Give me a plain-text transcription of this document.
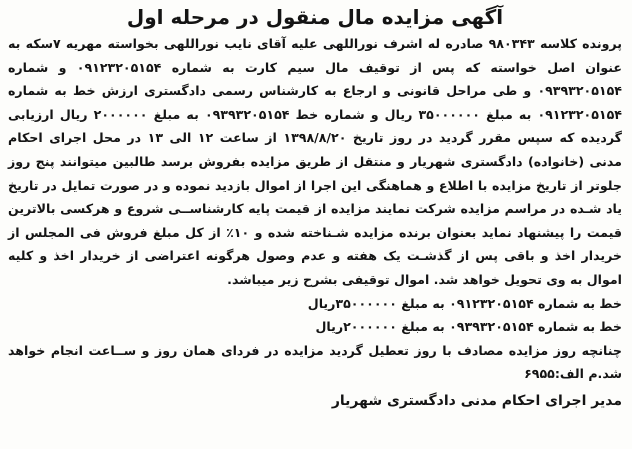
آگهی مزایده مال منقول در مرحله اول
پرونده کلاسه ۹۸۰۳۴۳ صادره له اشرف نوراللهی علیه آقای نایب نوراللهی بخواسته مهریه ۷سکه به عنوان اصل خواسته که پس از توقیف مال سیم کارت به شماره ۰۹۱۲۳۲۰۵۱۵۴ و شماره ۰۹۳۹۳۲۰۵۱۵۴ و طی مراحل قانونی و ارجاع به کارشناس رسمی دادگستری ارزش خط به شماره ۰۹۱۲۳۲۰۵۱۵۴ به مبلغ ۳۵۰۰۰۰۰۰ ریال و شماره خط ۰۹۳۹۳۲۰۵۱۵۴ به مبلغ ۲۰۰۰۰۰۰ ریال ارزیابی گردیده که سپس مقرر گردید در روز تاریخ ۱۳۹۸/۸/۲۰ از ساعت ۱۲ الی ۱۳ در محل اجرای احکام مدنی (خانواده) دادگستری شهریار و منتقل از طریق مزایده بفروش برسد طالبین میتوانند پنج روز جلوتر از تاریخ مزایده با اطلاع و هماهنگی این اجرا از اموال بازدید نموده و در صورت تمایل در تاریخ یاد شـده در مراسم مزایده شرکت نمایند مزایده از قیمت پایه کارشناســی شروع و هرکسی بالاترین قیمت را پیشنهاد نماید بعنوان برنده مزایده شـناخته شده و ۱۰٪ از کل مبلغ فروش فی المجلس از خریدار اخذ و باقی پس از گذشـت یک هفته و عدم وصول هرگونه اعتراضی از خریدار اخذ و کلیه اموال به وی تحویل خواهد شد. اموال توقیفی بشرح زیر میباشد.
خط به شماره ۰۹۱۲۳۲۰۵۱۵۴ به مبلغ ۳۵۰۰۰۰۰۰ریال
خط به شماره ۰۹۳۹۳۲۰۵۱۵۴ به مبلغ ۲۰۰۰۰۰۰ریال
چنانچه روز مزایده مصادف با روز تعطیل گردید مزایده در فردای همان روز و ســاعت انجام خواهد شد.م الف:۶۹۵۵
مدیر اجرای احکام مدنی دادگستری شهریار
